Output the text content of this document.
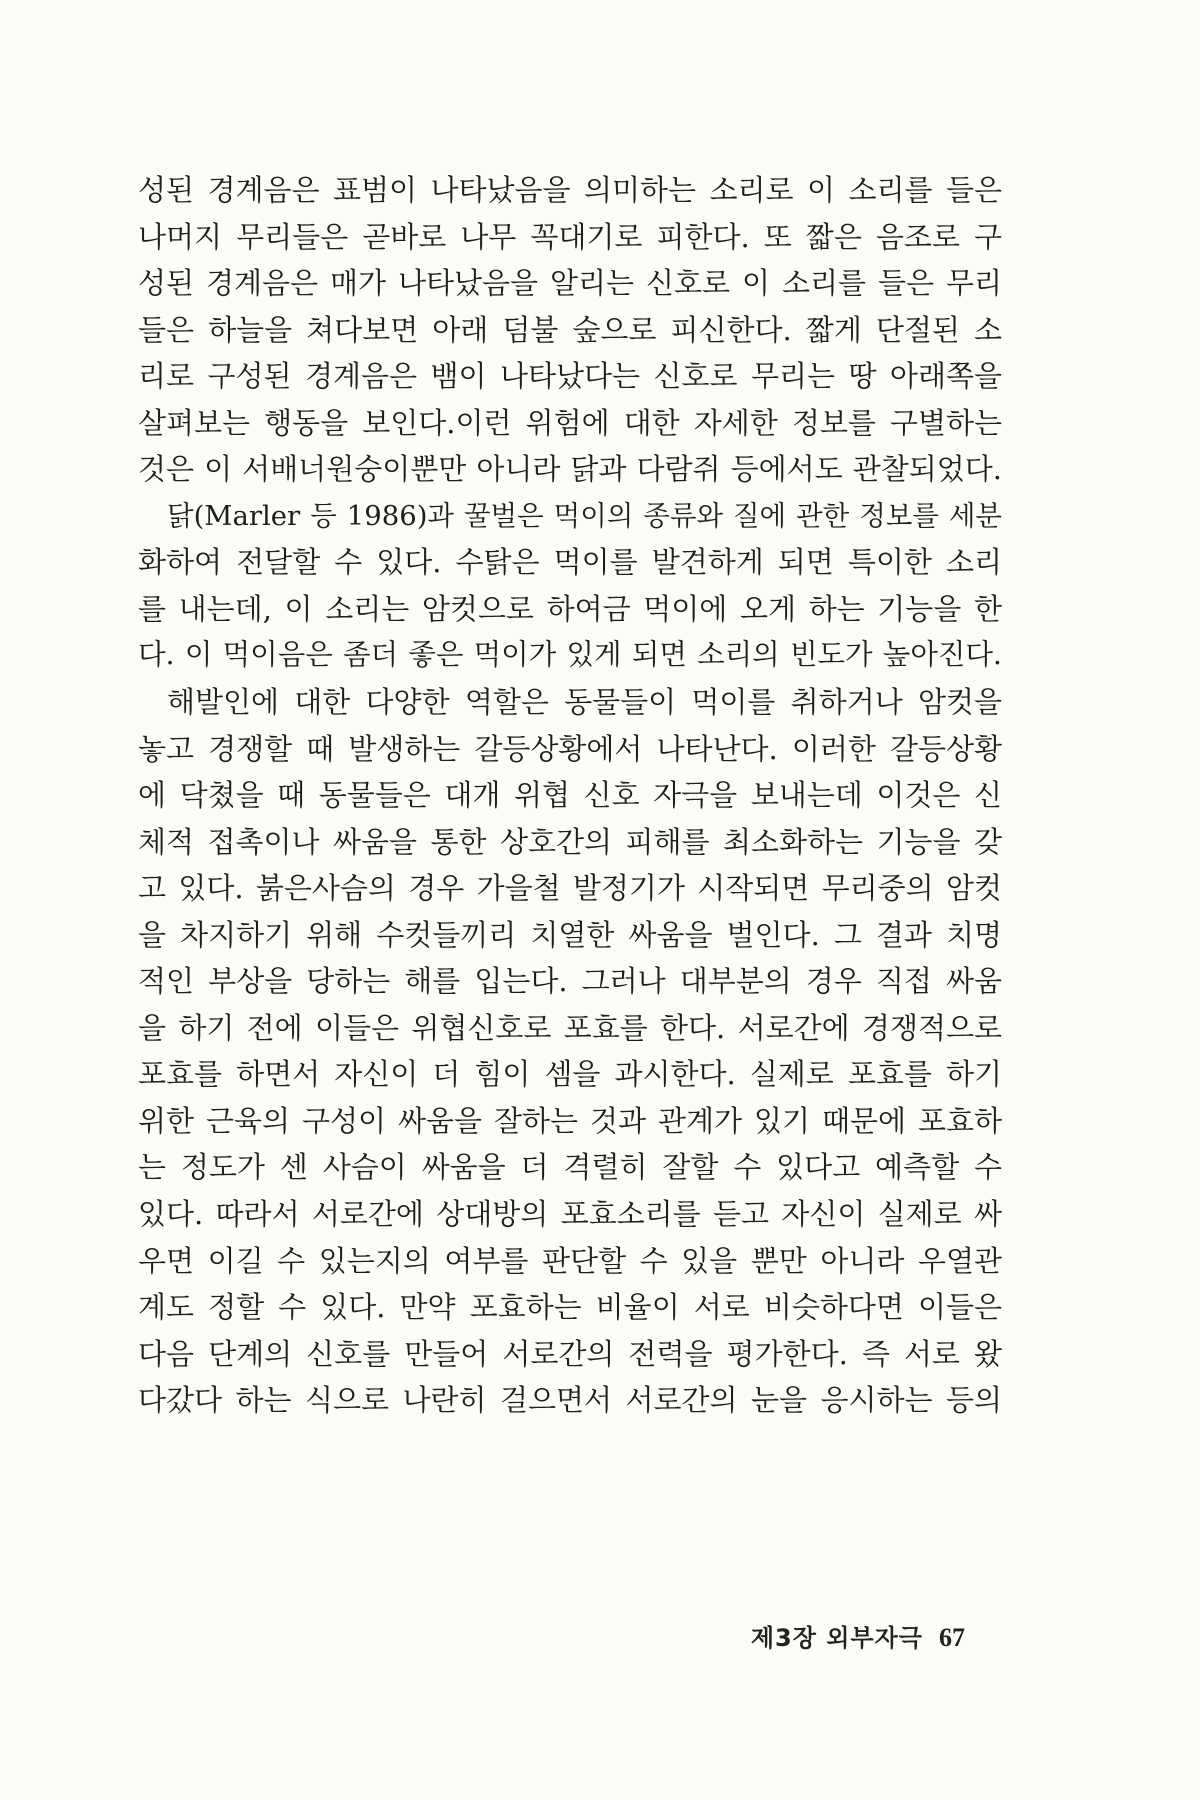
성된 경계음은 표범이 나타났음을 의미하는 소리로 이 소리를 들은
나머지 무리들은 곧바로 나무 꼭대기로 피한다. 또 짧은 음조로 구
성된 경계음은 매가 나타났음을 알리는 신호로 이 소리를 들은 무리
들은 하늘을 쳐다보면 아래 덤불 숲으로 피신한다. 짧게 단절된 소
리로 구성된 경계음은 뱀이 나타났다는 신호로 무리는 땅 아래쪽을
살펴보는 행동을 보인다.이런 위험에 대한 자세한 정보를 구별하는
것은 이 서배너원숭이뿐만 아니라 닭과 다람쥐 등에서도 관찰되었다.
닭(Marler 등 1986)과 꿀벌은 먹이의 종류와 질에 관한 정보를 세분
화하여 전달할 수 있다. 수탉은 먹이를 발견하게 되면 특이한 소리
를 내는데, 이 소리는 암컷으로 하여금 먹이에 오게 하는 기능을 한
다. 이 먹이음은 좀더 좋은 먹이가 있게 되면 소리의 빈도가 높아진다.
해발인에 대한 다양한 역할은 동물들이 먹이를 취하거나 암컷을
놓고 경쟁할 때 발생하는 갈등상황에서 나타난다. 이러한 갈등상황
에 닥쳤을 때 동물들은 대개 위협 신호 자극을 보내는데 이것은 신
체적 접촉이나 싸움을 통한 상호간의 피해를 최소화하는 기능을 갖
고 있다. 붉은사슴의 경우 가을철 발정기가 시작되면 무리중의 암컷
을 차지하기 위해 수컷들끼리 치열한 싸움을 벌인다. 그 결과 치명
적인 부상을 당하는 해를 입는다. 그러나 대부분의 경우 직접 싸움
을 하기 전에 이들은 위협신호로 포효를 한다. 서로간에 경쟁적으로
포효를 하면서 자신이 더 힘이 셈을 과시한다. 실제로 포효를 하기
위한 근육의 구성이 싸움을 잘하는 것과 관계가 있기 때문에 포효하
는 정도가 센 사슴이 싸움을 더 격렬히 잘할 수 있다고 예측할 수
있다. 따라서 서로간에 상대방의 포효소리를 듣고 자신이 실제로 싸
우면 이길 수 있는지의 여부를 판단할 수 있을 뿐만 아니라 우열관
계도 정할 수 있다. 만약 포효하는 비율이 서로 비슷하다면 이들은
다음 단계의 신호를 만들어 서로간의 전력을 평가한다. 즉 서로 왔
다갔다 하는 식으로 나란히 걸으면서 서로간의 눈을 응시하는 등의
제3장 외부자극 67
